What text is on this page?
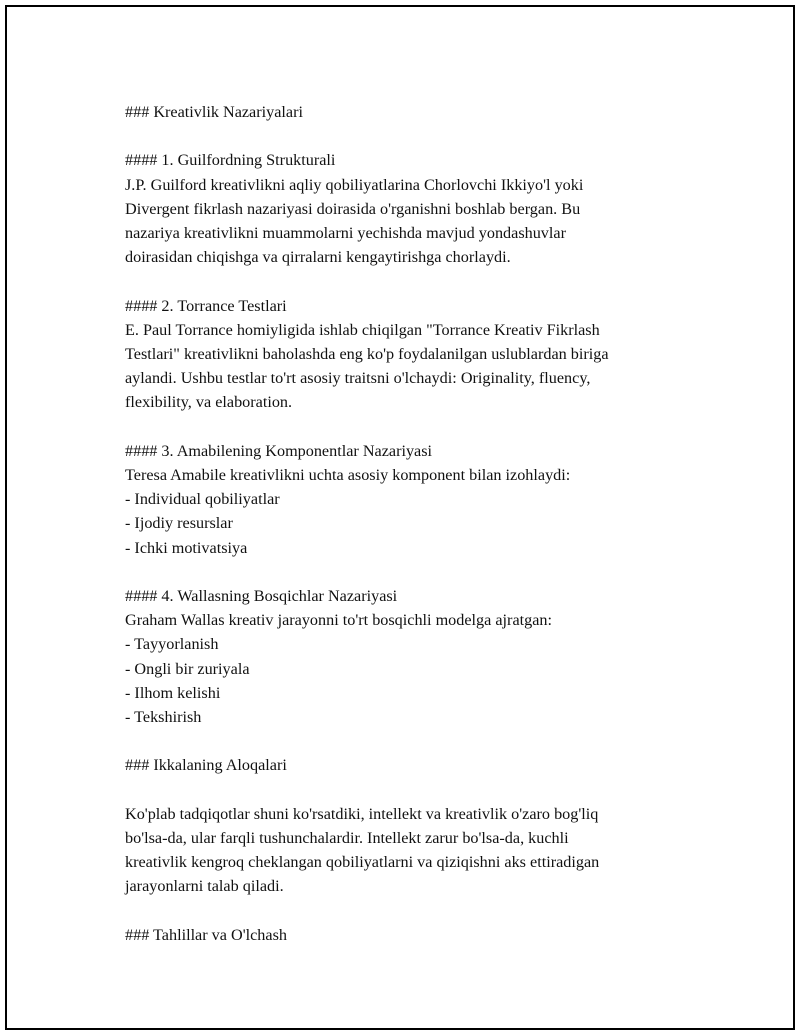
### Kreativlik Nazariyalari

#### 1. Guilfordning Strukturali

J.P. Guilford kreativlikni aqliy qobiliyatlarina Chorlovchi Ikkiyo'l yoki

Divergent fikrlash nazariyasi doirasida o'rganishni boshlab bergan. Bu

nazariya kreativlikni muammolarni yechishda mavjud yondashuvlar

doirasidan chiqishga va qirralarni kengaytirishga chorlaydi.

#### 2. Torrance Testlari

E. Paul Torrance homiyligida ishlab chiqilgan "Torrance Kreativ Fikrlash

Testlari" kreativlikni baholashda eng ko'p foydalanilgan uslublardan biriga

aylandi. Ushbu testlar to'rt asosiy traitsni o'lchaydi: Originality, fluency,

flexibility, va elaboration.

#### 3. Amabilening Komponentlar Nazariyasi

Teresa Amabile kreativlikni uchta asosiy komponent bilan izohlaydi:

- Individual qobiliyatlar

- Ijodiy resurslar

- Ichki motivatsiya

#### 4. Wallasning Bosqichlar Nazariyasi

Graham Wallas kreativ jarayonni to'rt bosqichli modelga ajratgan:

- Tayyorlanish

- Ongli bir zuriyala

- Ilhom kelishi

- Tekshirish

### Ikkalaning Aloqalari

Ko'plab tadqiqotlar shuni ko'rsatdiki, intellekt va kreativlik o'zaro bog'liq

bo'lsa-da, ular farqli tushunchalardir. Intellekt zarur bo'lsa-da, kuchli

kreativlik kengroq cheklangan qobiliyatlarni va qiziqishni aks ettiradigan

jarayonlarni talab qiladi.

### Tahlillar va O'lchash
